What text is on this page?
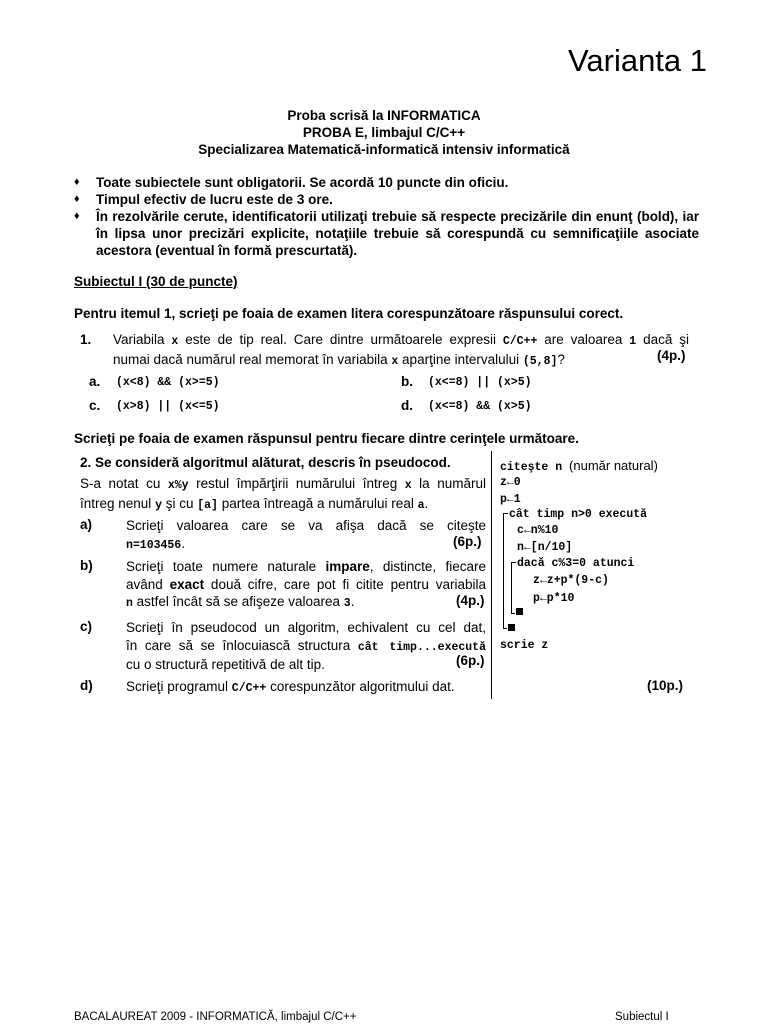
Varianta 1
Proba scrisă la INFORMATICA
PROBA E, limbajul C/C++
Specializarea Matematică-informatică intensiv informatică
♦ Toate subiectele sunt obligatorii. Se acordă 10 puncte din oficiu.
♦ Timpul efectiv de lucru este de 3 ore.
♦ În rezolvările cerute, identificatorii utilizaţi trebuie să respecte precizările din enunţ (bold), iar în lipsa unor precizări explicite, notaţiile trebuie să corespundă cu semnificaţiile asociate acestora (eventual în formă prescurtată).
Subiectul I (30 de puncte)
Pentru itemul 1, scrieţi pe foaia de examen litera corespunzătoare răspunsului corect.
1. Variabila x este de tip real. Care dintre următoarele expresii C/C++ are valoarea 1 dacă şi
numai dacă numărul real memorat în variabila x aparţine intervalului (5,8]?	(4p.)
a. (x<8) && (x>=5)	b. (x<=8) || (x>5)
c. (x>8) || (x<=5)	d. (x<=8) && (x>5)
Scrieţi pe foaia de examen răspunsul pentru fiecare dintre cerinţele următoare.
2. Se consideră algoritmul alăturat, descris în pseudocod.
S-a notat cu x%y restul împărţirii numărului întreg x la numărul
întreg nenul y şi cu [a] partea întreagă a numărului real a.
a)	Scrieţi valoarea care se va afişa dacă se citeşte
n=103456.	(6p.)
b) Scrieţi toate numere naturale impare, distincte, fiecare
având exact două cifre, care pot fi citite pentru variabila
n astfel încât să se afişeze valoarea 3.	(4p.)
c)	Scrieţi în pseudocod un algoritm, echivalent cu cel dat,
în care să se înlocuiască structura cât timp...execută
cu o structură repetitivă de alt tip.	(6p.)
d) Scrieţi programul C/C++ corespunzător algoritmului dat.	(10p.)
citeşte n (număr natural)
z←0
p←1
cât timp n>0 execută
c←n%10
n←[n/10]
dacă c%3=0 atunci
z←z+p*(9-c)
p←p*10
scrie z
BACALAUREAT 2009 - INFORMATICĂ, limbajul C/C++	Subiectul I
